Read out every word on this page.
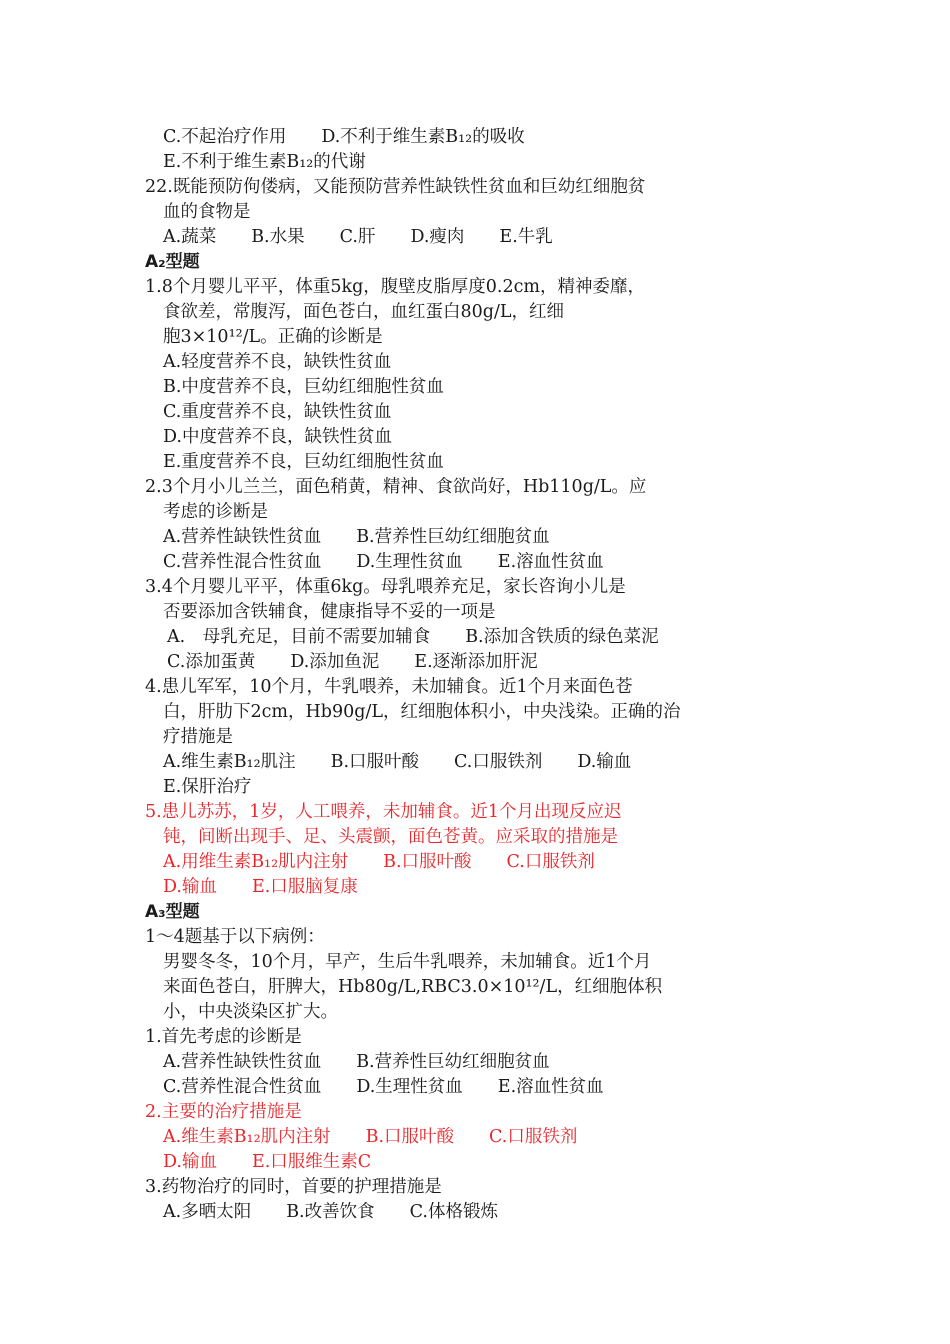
C.不起治疗作用　　D.不利于维生素B₁₂的吸收
E.不利于维生素B₁₂的代谢
22.既能预防佝偻病，又能预防营养性缺铁性贫血和巨幼红细胞贫
血的食物是
A.蔬菜　　B.水果　　C.肝　　D.瘦肉　　E.牛乳
A₂型题
1.8个月婴儿平平，体重5kg，腹壁皮脂厚度0.2cm，精神委靡，
食欲差，常腹泻，面色苍白，血红蛋白80g/L，红细
胞3×10¹²/L。正确的诊断是
A.轻度营养不良，缺铁性贫血
B.中度营养不良，巨幼红细胞性贫血
C.重度营养不良，缺铁性贫血
D.中度营养不良，缺铁性贫血
E.重度营养不良，巨幼红细胞性贫血
2.3个月小儿兰兰，面色稍黄，精神、食欲尚好，Hb110g/L。应
考虑的诊断是
A.营养性缺铁性贫血　　B.营养性巨幼红细胞贫血
C.营养性混合性贫血　　D.生理性贫血　　E.溶血性贫血
3.4个月婴儿平平，体重6kg。母乳喂养充足，家长咨询小儿是
否要添加含铁辅食，健康指导不妥的一项是
A.　母乳充足，目前不需要加辅食　　B.添加含铁质的绿色菜泥
C.添加蛋黄　　D.添加鱼泥　　E.逐渐添加肝泥
4.患儿军军，10个月，牛乳喂养，未加辅食。近1个月来面色苍
白，肝肋下2cm，Hb90g/L，红细胞体积小，中央浅染。正确的治
疗措施是
A.维生素B₁₂肌注　　B.口服叶酸　　C.口服铁剂　　D.输血
E.保肝治疗
5.患儿苏苏，1岁，人工喂养，未加辅食。近1个月出现反应迟
钝，间断出现手、足、头震颤，面色苍黄。应采取的措施是
A.用维生素B₁₂肌内注射　　B.口服叶酸　　C.口服铁剂
D.输血　　E.口服脑复康
A₃型题
1～4题基于以下病例：
男婴冬冬，10个月，早产，生后牛乳喂养，未加辅食。近1个月
来面色苍白，肝脾大，Hb80g/L,RBC3.0×10¹²/L，红细胞体积
小，中央淡染区扩大。
1.首先考虑的诊断是
A.营养性缺铁性贫血　　B.营养性巨幼红细胞贫血
C.营养性混合性贫血　　D.生理性贫血　　E.溶血性贫血
2.主要的治疗措施是
A.维生素B₁₂肌内注射　　B.口服叶酸　　C.口服铁剂
D.输血　　E.口服维生素C
3.药物治疗的同时，首要的护理措施是
A.多晒太阳　　B.改善饮食　　C.体格锻炼
